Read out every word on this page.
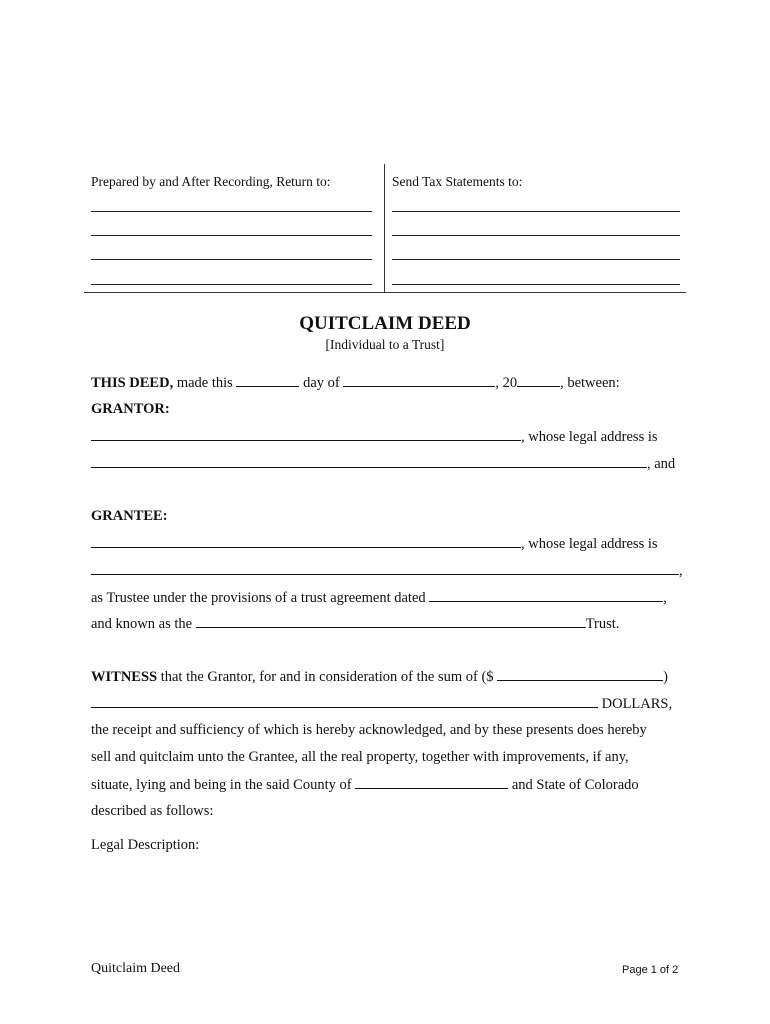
Prepared by and After Recording, Return to:	Send Tax Statements to:
QUITCLAIM DEED
[Individual to a Trust]
THIS DEED, made this	day of	, 20	, between:
GRANTOR:
, whose legal address is
, and
GRANTEE:
, whose legal address is
,
as Trustee under the provisions of a trust agreement dated	,
and known as the	Trust.
WITNESS that the Grantor, for and in consideration of the sum of ($	)
DOLLARS,
the receipt and sufficiency of which is hereby acknowledged, and by these presents does hereby
sell and quitclaim unto the Grantee, all the real property, together with improvements, if any,
situate, lying and being in the said County of	and State of Colorado
described as follows:
Legal Description:
Quitclaim Deed	Page 1 of 2
